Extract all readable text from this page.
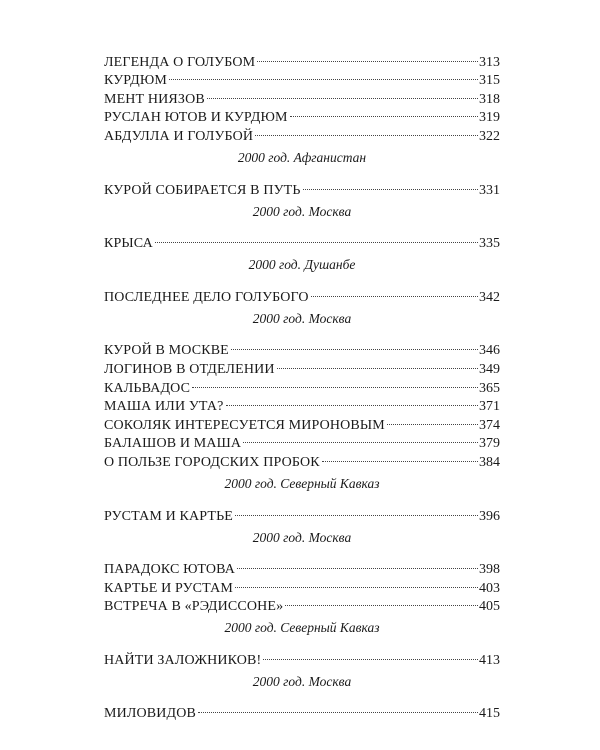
ЛЕГЕНДА О ГОЛУБОМ	313
КУРДЮМ	315
МЕНТ НИЯЗОВ	318
РУСЛАН ЮТОВ И КУРДЮМ	319
АБДУЛЛА И ГОЛУБОЙ	322
2000 год. Афганистан
КУРОЙ СОБИРАЕТСЯ В ПУТЬ	331
2000 год. Москва
КРЫСА	335
2000 год. Душанбе
ПОСЛЕДНЕЕ ДЕЛО ГОЛУБОГО	342
2000 год. Москва
КУРОЙ В МОСКВЕ	346
ЛОГИНОВ В ОТДЕЛЕНИИ	349
КАЛЬВАДОС	365
МАША ИЛИ УТА?	371
СОКОЛЯК ИНТЕРЕСУЕТСЯ МИРОНОВЫМ	374
БАЛАШОВ И МАША	379
О ПОЛЬЗЕ ГОРОДСКИХ ПРОБОК	384
2000 год. Северный Кавказ
РУСТАМ И КАРТЬЕ	396
2000 год. Москва
ПАРАДОКС ЮТОВА	398
КАРТЬЕ И РУСТАМ	403
ВСТРЕЧА В «РЭДИССОНЕ»	405
2000 год. Северный Кавказ
НАЙТИ ЗАЛОЖНИКОВ!	413
2000 год. Москва
МИЛОВИДОВ	415
